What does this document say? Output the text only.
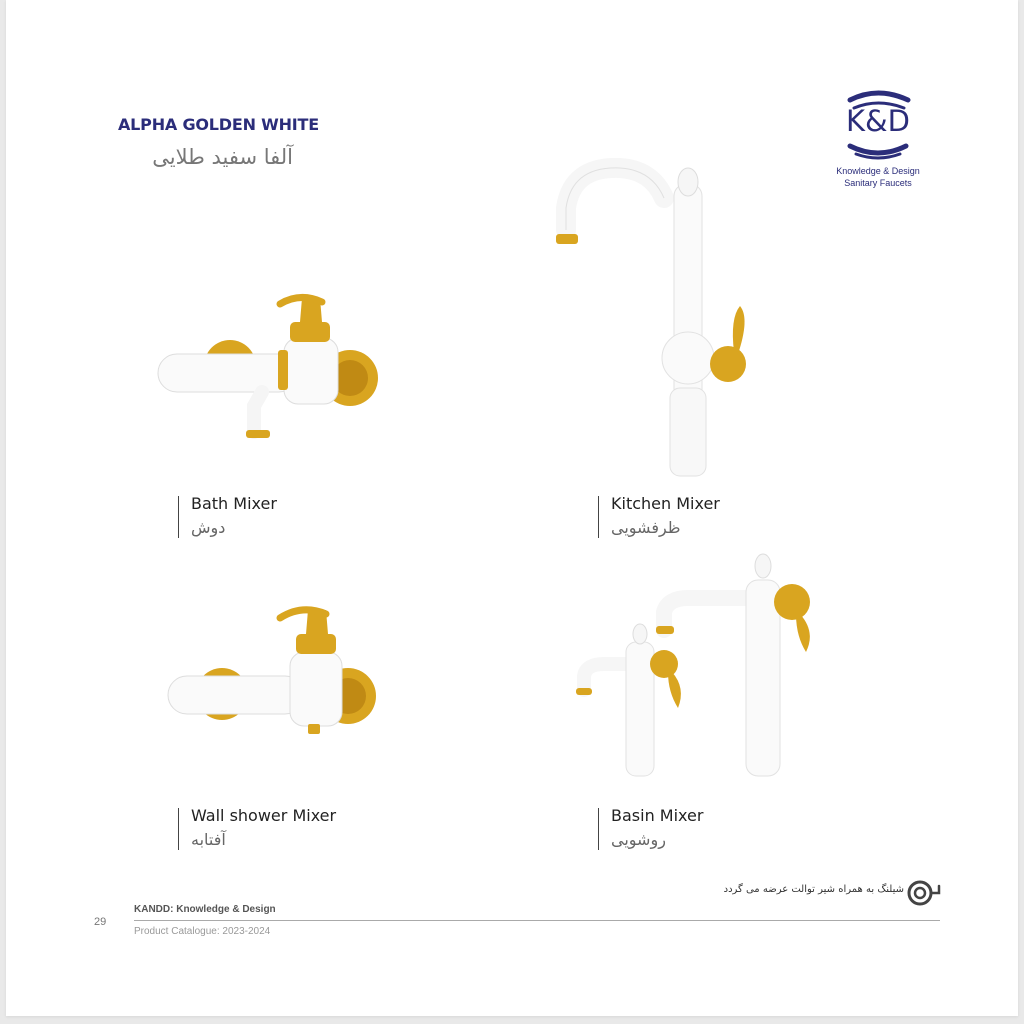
ALPHA GOLDEN WHITE
آلفا سفید طلایی
K&D
Knowledge & Design
Sanitary Faucets
Bath Mixer
دوش
Kitchen Mixer
ظرفشویی
Wall shower Mixer
آفتابه
Basin Mixer
روشویی
شیلنگ به همراه شیر توالت عرضه می گردد
29
KANDD: Knowledge & Design
Product Catalogue: 2023-2024
